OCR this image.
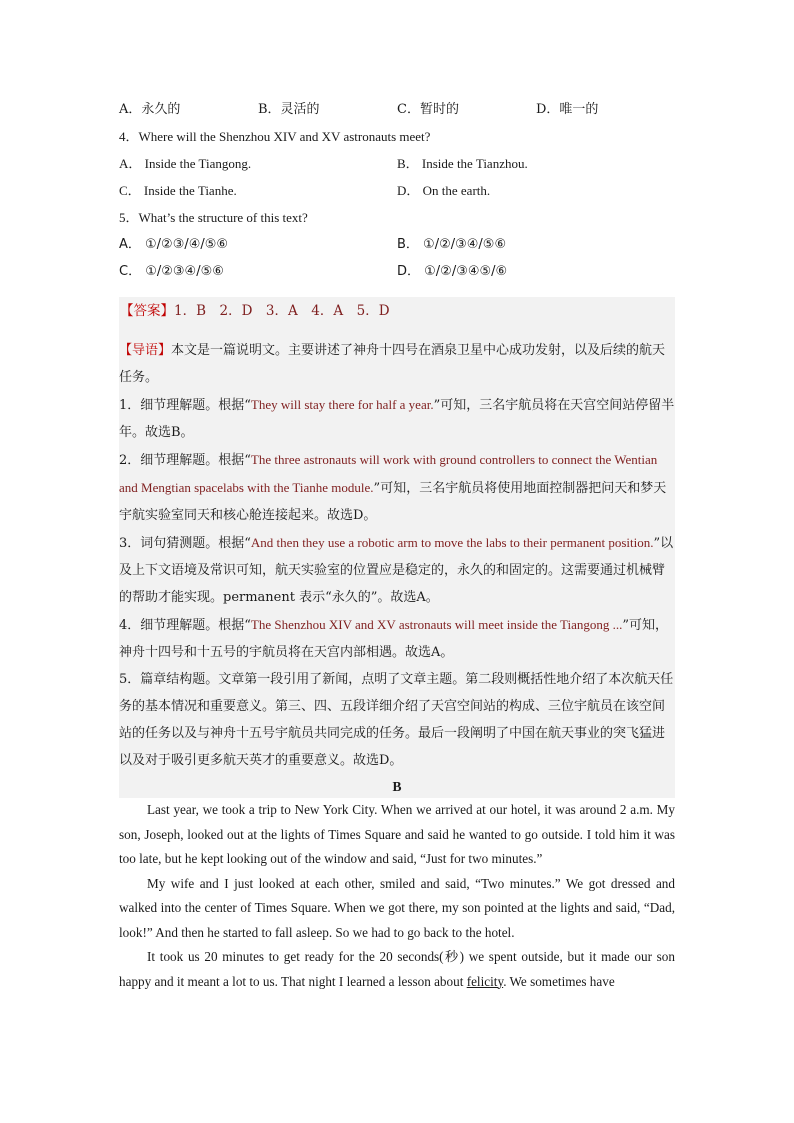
A．永久的	B．灵活的	C．暂时的	D．唯一的
4．Where will the Shenzhou XIV and XV astronauts meet?
A． Inside the Tiangong.	B． Inside the Tianzhou.
C． Inside the Tianhe.	D． On the earth.
5．What’s the structure of this text?
A． ①/②③/④/⑤⑥	B． ①/②/③④/⑤⑥
C． ①/②③④/⑤⑥	D． ①/②/③④⑤/⑥
【答案】1．B　2．D　3．A　4．A　5．D

【导语】本文是一篇说明文。主要讲述了神舟十四号在酒泉卫星中心成功发射，以及后续的航天任务。

1．细节理解题。根据“They will stay there for half a year.”可知，三名宇航员将在天宫空间站停留半年。故选B。

2．细节理解题。根据“The three astronauts will work with ground controllers to connect the Wentian and Mengtian spacelabs with the Tianhe module.”可知，三名宇航员将使用地面控制器把问天和梦天宇航实验室同天和核心舱连接起来。故选D。

3．词句猜测题。根据“And then they use a robotic arm to move the labs to their permanent position.”以及上下文语境及常识可知，航天实验室的位置应是稳定的，永久的和固定的。这需要通过机械臂的帮助才能实现。permanent 表示“永久的”。故选A。

4．细节理解题。根据“The Shenzhou XIV and XV astronauts will meet inside the Tiangong ...”可知，神舟十四号和十五号的宇航员将在天宫内部相遇。故选A。

5．篇章结构题。文章第一段引用了新闻，点明了文章主题。第二段则概括性地介绍了本次航天任务的基本情况和重要意义。第三、四、五段详细介绍了天宫空间站的构成、三位宇航员在该空间站的任务以及与神舟十五号宇航员共同完成的任务。最后一段阐明了中国在航天事业的突飞猛进以及对于吸引更多航天英才的重要意义。故选D。

B

Last year, we took a trip to New York City. When we arrived at our hotel, it was around 2 a.m. My son, Joseph, looked out at the lights of Times Square and said he wanted to go outside. I told him it was too late, but he kept looking out of the window and said, “Just for two minutes.”

My wife and I just looked at each other, smiled and said, “Two minutes.” We got dressed and walked into the center of Times Square. When we got there, my son pointed at the lights and said, “Dad, look!” And then he started to fall asleep. So we had to go back to the hotel.

It took us 20 minutes to get ready for the 20 seconds(秒) we spent outside, but it made our son happy and it meant a lot to us. That night I learned a lesson about felicity. We sometimes have
